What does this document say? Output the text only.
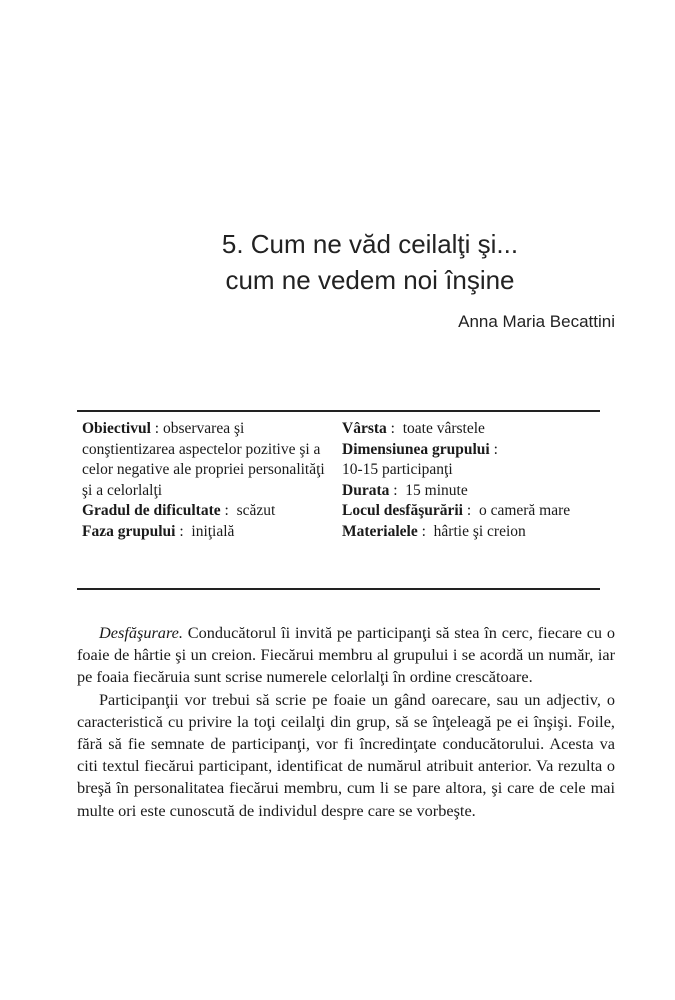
5. Cum ne văd ceilalţi şi...
cum ne vedem noi înşine
Anna Maria Becattini

Obiectivul : observarea şi conştientizarea aspectelor pozitive şi a celor negative ale propriei personalităţi şi a celorlalţi

Gradul de dificultate :  scăzut

Faza grupului :  iniţială

Vârsta :  toate vârstele

Dimensiunea grupului :
10-15 participanţi

Durata :  15 minute

Locul desfăşurării :  o cameră mare

Materialele :  hârtie şi creion

Desfăşurare. Conducătorul îi invită pe participanţi să stea în cerc, fiecare cu o foaie de hârtie şi un creion. Fiecărui membru al grupului i se acordă un număr, iar pe foaia fiecăruia sunt scrise numerele celorlalţi în ordine crescătoare.

Participanţii vor trebui să scrie pe foaie un gând oarecare, sau un adjectiv, o caracteristică cu privire la toţi ceilalţi din grup, să se înţeleagă pe ei înşişi. Foile, fără să fie semnate de participanţi, vor fi încredinţate conducătorului. Acesta va citi textul fiecărui participant, identificat de numărul atribuit anterior. Va rezulta o breşă în personalitatea fiecărui membru, cum li se pare altora, şi care de cele mai multe ori este cunoscută de individul despre care se vorbeşte.
